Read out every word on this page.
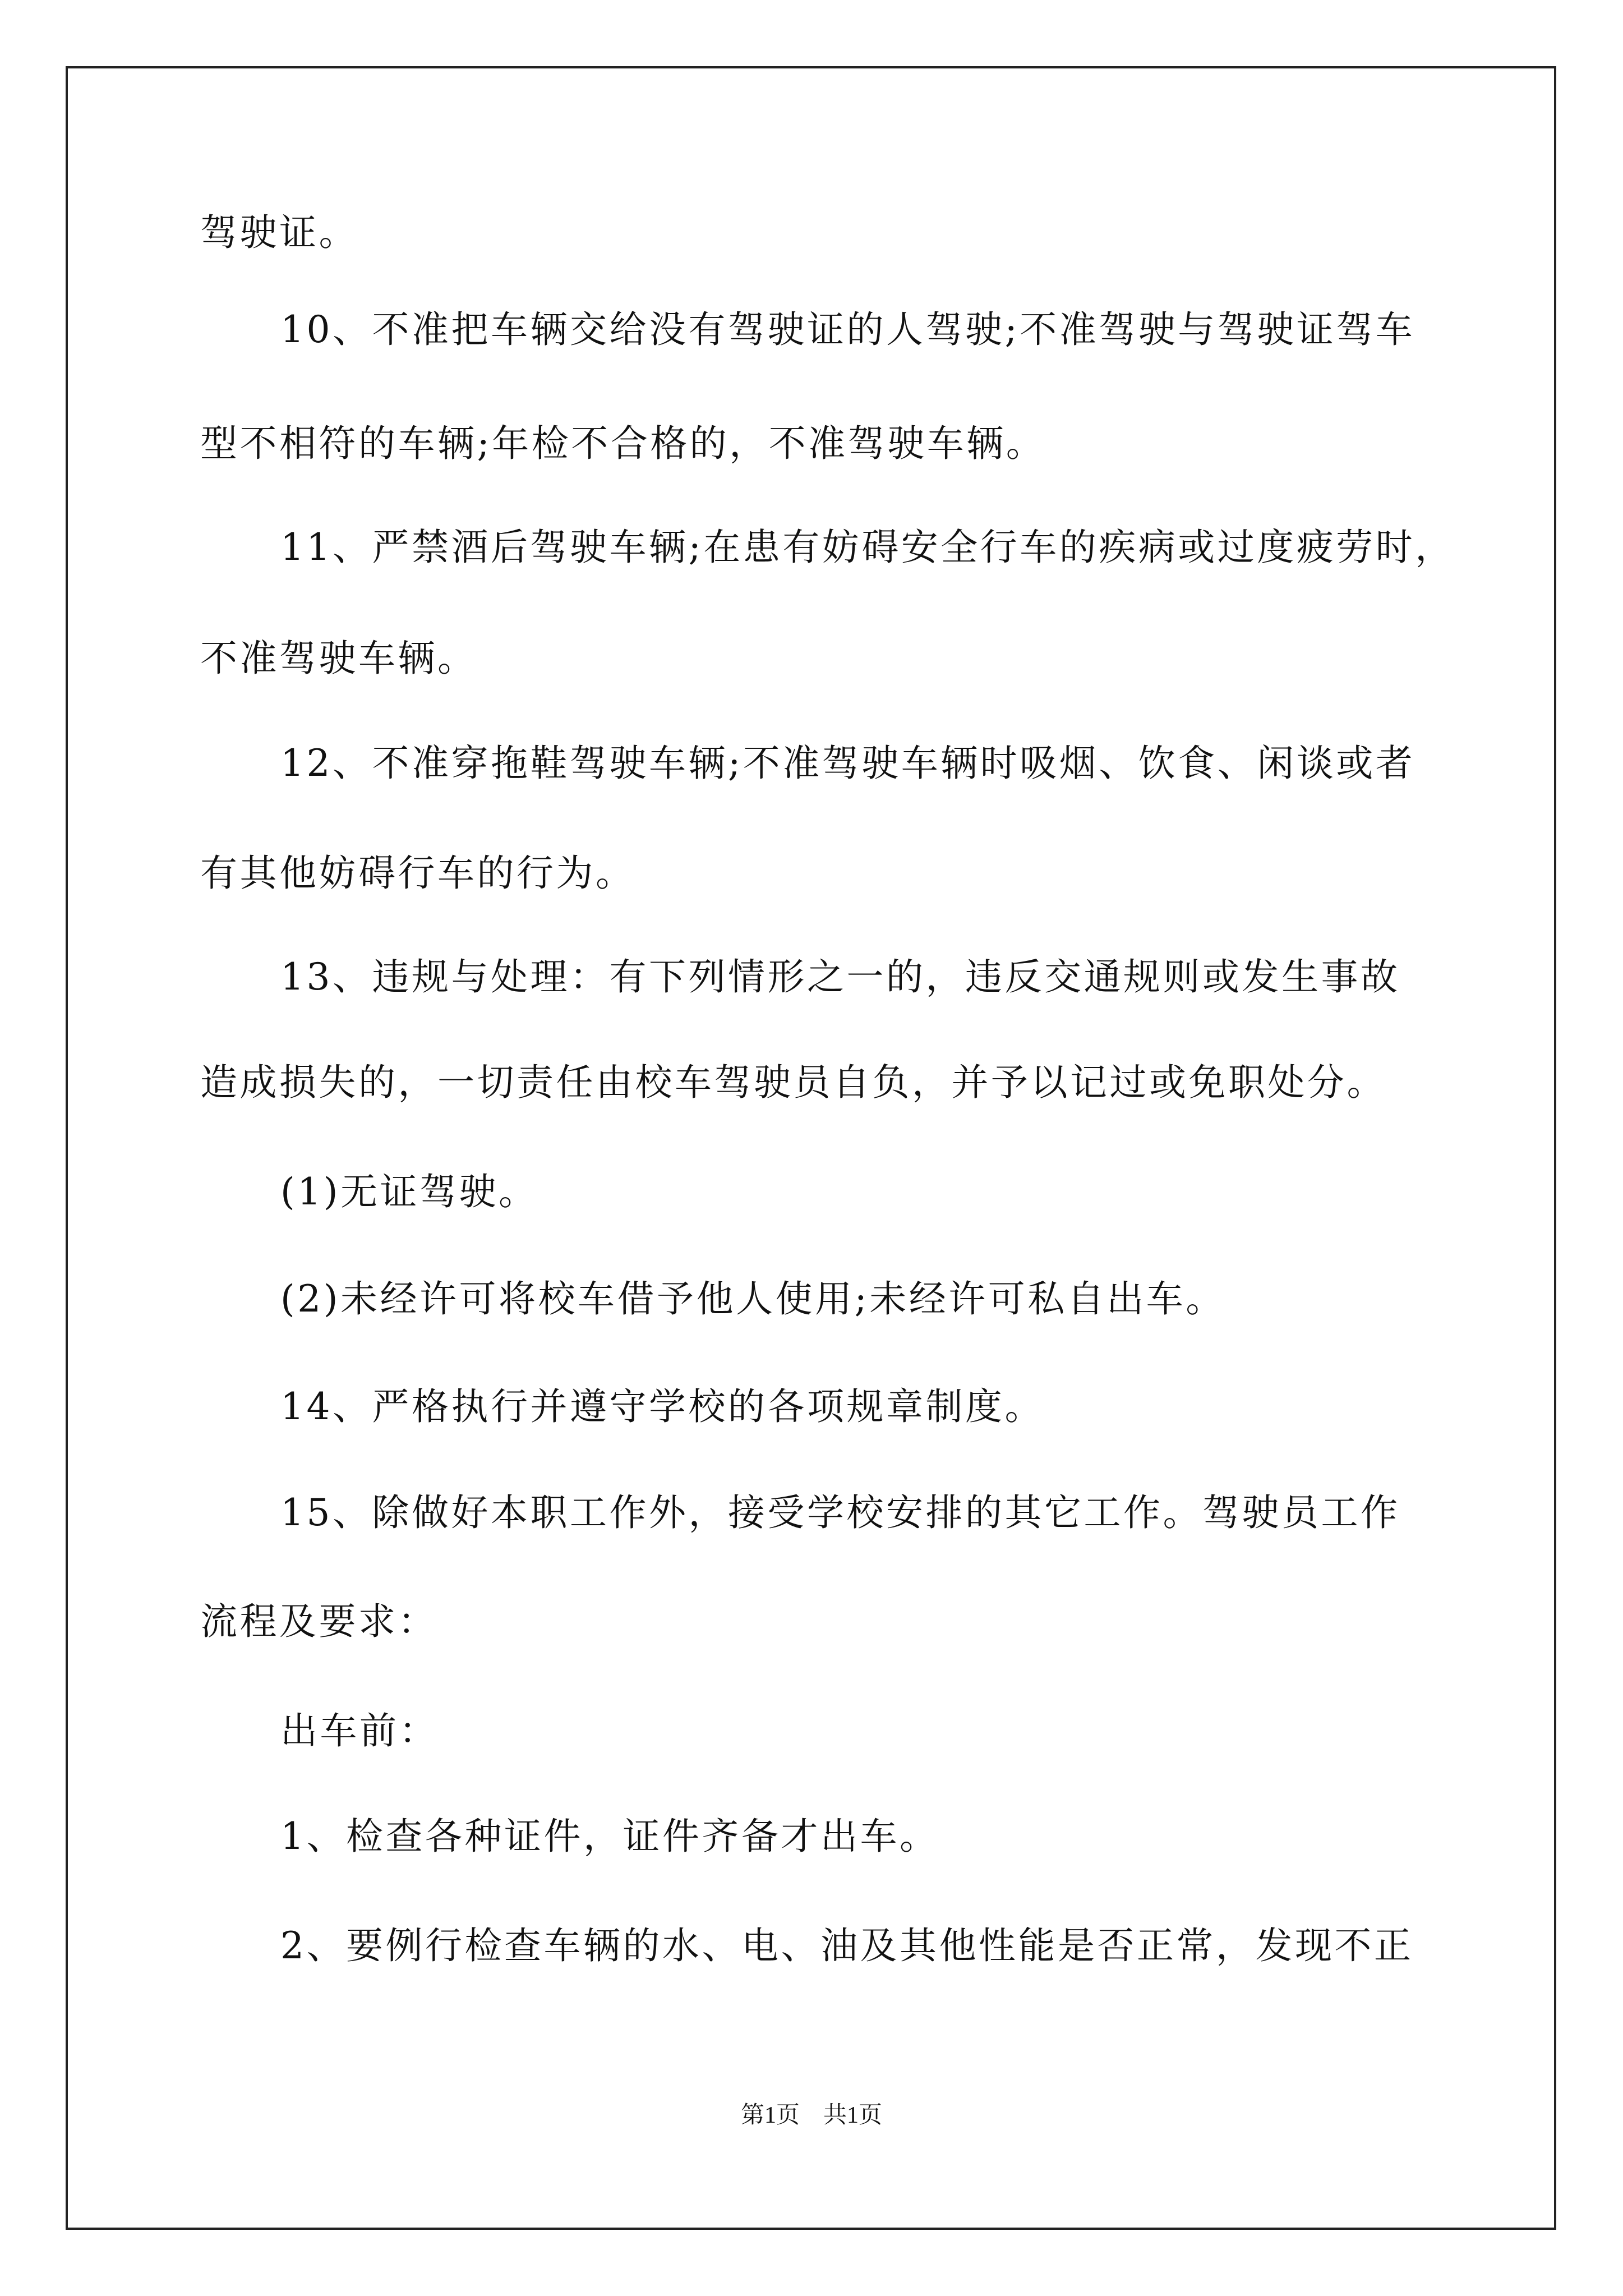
驾驶证。

10、不准把车辆交给没有驾驶证的人驾驶;不准驾驶与驾驶证驾车

型不相符的车辆;年检不合格的，不准驾驶车辆。

11、严禁酒后驾驶车辆;在患有妨碍安全行车的疾病或过度疲劳时，

不准驾驶车辆。

12、不准穿拖鞋驾驶车辆;不准驾驶车辆时吸烟、饮食、闲谈或者

有其他妨碍行车的行为。

13、违规与处理：有下列情形之一的，违反交通规则或发生事故

造成损失的，一切责任由校车驾驶员自负，并予以记过或免职处分。

(1)无证驾驶。

(2)未经许可将校车借予他人使用;未经许可私自出车。

14、严格执行并遵守学校的各项规章制度。

15、除做好本职工作外，接受学校安排的其它工作。驾驶员工作

流程及要求：

出车前：

1、检查各种证件，证件齐备才出车。

2、要例行检查车辆的水、电、油及其他性能是否正常，发现不正

第1页　共1页
